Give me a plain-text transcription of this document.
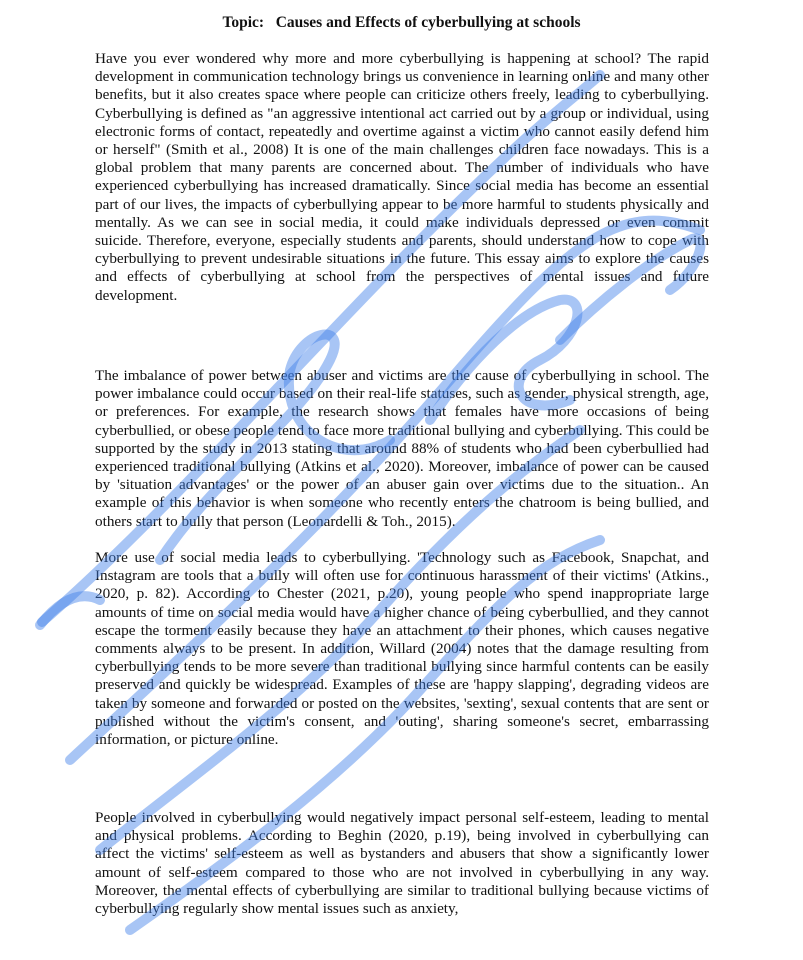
Topic:   Causes and Effects of cyberbullying at schools

Have you ever wondered why more and more cyberbullying is happening at school? The rapid development in communication technology brings us convenience in learning online and many other benefits, but it also creates space where people can criticize others freely, leading to cyberbullying. Cyberbullying is defined as "an aggressive intentional act carried out by a group or individual, using electronic forms of contact, repeatedly and overtime against a victim who cannot easily defend him or herself" (Smith et al., 2008) It is one of the main challenges children face nowadays. This is a global problem that many parents are concerned about. The number of individuals who have experienced cyberbullying has increased dramatically. Since social media has become an essential part of our lives, the impacts of cyberbullying appear to be more harmful to students physically and mentally. As we can see in social media, it could make individuals depressed or even commit suicide. Therefore, everyone, especially students and parents, should understand how to cope with cyberbullying to prevent undesirable situations in the future. This essay aims to explore the causes and effects of cyberbullying at school from the perspectives of mental issues and future development.

The imbalance of power between abuser and victims are the cause of cyberbullying in school. The power imbalance could occur based on their real-life statuses, such as gender, physical strength, age, or preferences. For example, the research shows that females have more occasions of being cyberbullied, or obese people tend to face more traditional bullying and cyberbullying. This could be supported by the study in 2013 stating that around 88% of students who had been cyberbullied had experienced traditional bullying (Atkins et al., 2020). Moreover, imbalance of power can be caused by 'situation advantages' or the power of an abuser gain over victims due to the situation.. An example of this behavior is when someone who recently enters the chatroom is being bullied, and others start to bully that person (Leonardelli & Toh., 2015).

More use of social media leads to cyberbullying. 'Technology such as Facebook, Snapchat, and Instagram are tools that a bully will often use for continuous harassment of their victims' (Atkins., 2020, p. 82). According to Chester (2021, p.20), young people who spend inappropriate large amounts of time on social media would have a higher chance of being cyberbullied, and they cannot escape the torment easily because they have an attachment to their phones, which causes negative comments always to be present. In addition, Willard (2004) notes that the damage resulting from cyberbullying tends to be more severe than traditional bullying since harmful contents can be easily preserved and quickly be widespread. Examples of these are 'happy slapping', degrading videos are taken by someone and forwarded or posted on the websites, 'sexting', sexual contents that are sent or published without the victim's consent, and 'outing', sharing someone's secret, embarrassing information, or picture online.

People involved in cyberbullying would negatively impact personal self-esteem, leading to mental and physical problems. According to Beghin (2020, p.19), being involved in cyberbullying can affect the victims' self-esteem as well as bystanders and abusers that show a significantly lower amount of self-esteem compared to those who are not involved in cyberbullying in any way. Moreover, the mental effects of cyberbullying are similar to traditional bullying because victims of cyberbullying regularly show mental issues such as anxiety,
